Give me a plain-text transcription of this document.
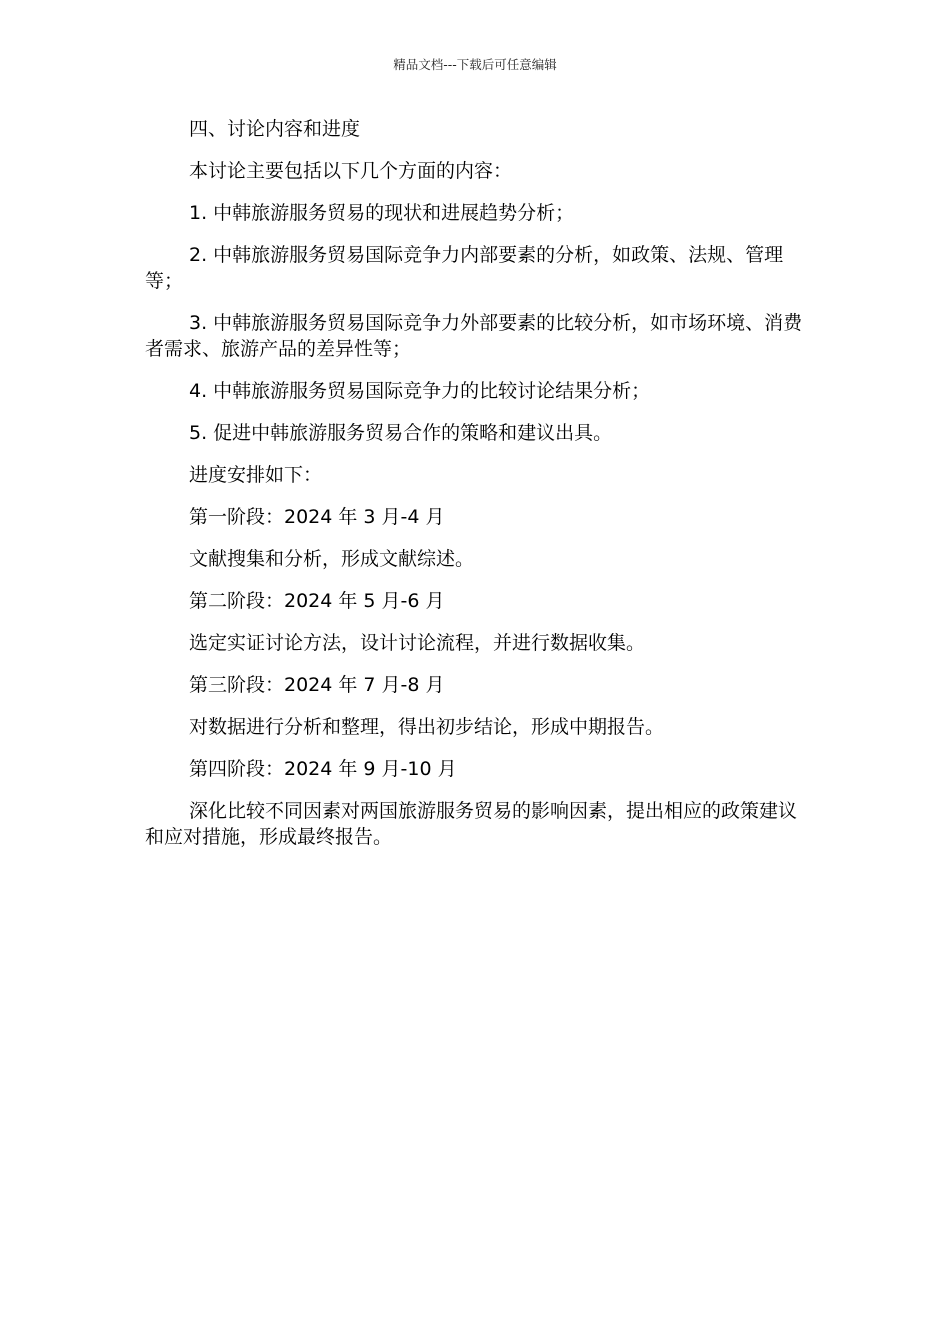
精品文档---下载后可任意编辑

四、讨论内容和进度

本讨论主要包括以下几个方面的内容：

1. 中韩旅游服务贸易的现状和进展趋势分析；

2. 中韩旅游服务贸易国际竞争力内部要素的分析，如政策、法规、管理等；

3. 中韩旅游服务贸易国际竞争力外部要素的比较分析，如市场环境、消费者需求、旅游产品的差异性等；

4. 中韩旅游服务贸易国际竞争力的比较讨论结果分析；

5. 促进中韩旅游服务贸易合作的策略和建议出具。

进度安排如下：

第一阶段：2024 年 3 月-4 月

文献搜集和分析，形成文献综述。

第二阶段：2024 年 5 月-6 月

选定实证讨论方法，设计讨论流程，并进行数据收集。

第三阶段：2024 年 7 月-8 月

对数据进行分析和整理，得出初步结论，形成中期报告。

第四阶段：2024 年 9 月-10 月

深化比较不同因素对两国旅游服务贸易的影响因素，提出相应的政策建议和应对措施，形成最终报告。
